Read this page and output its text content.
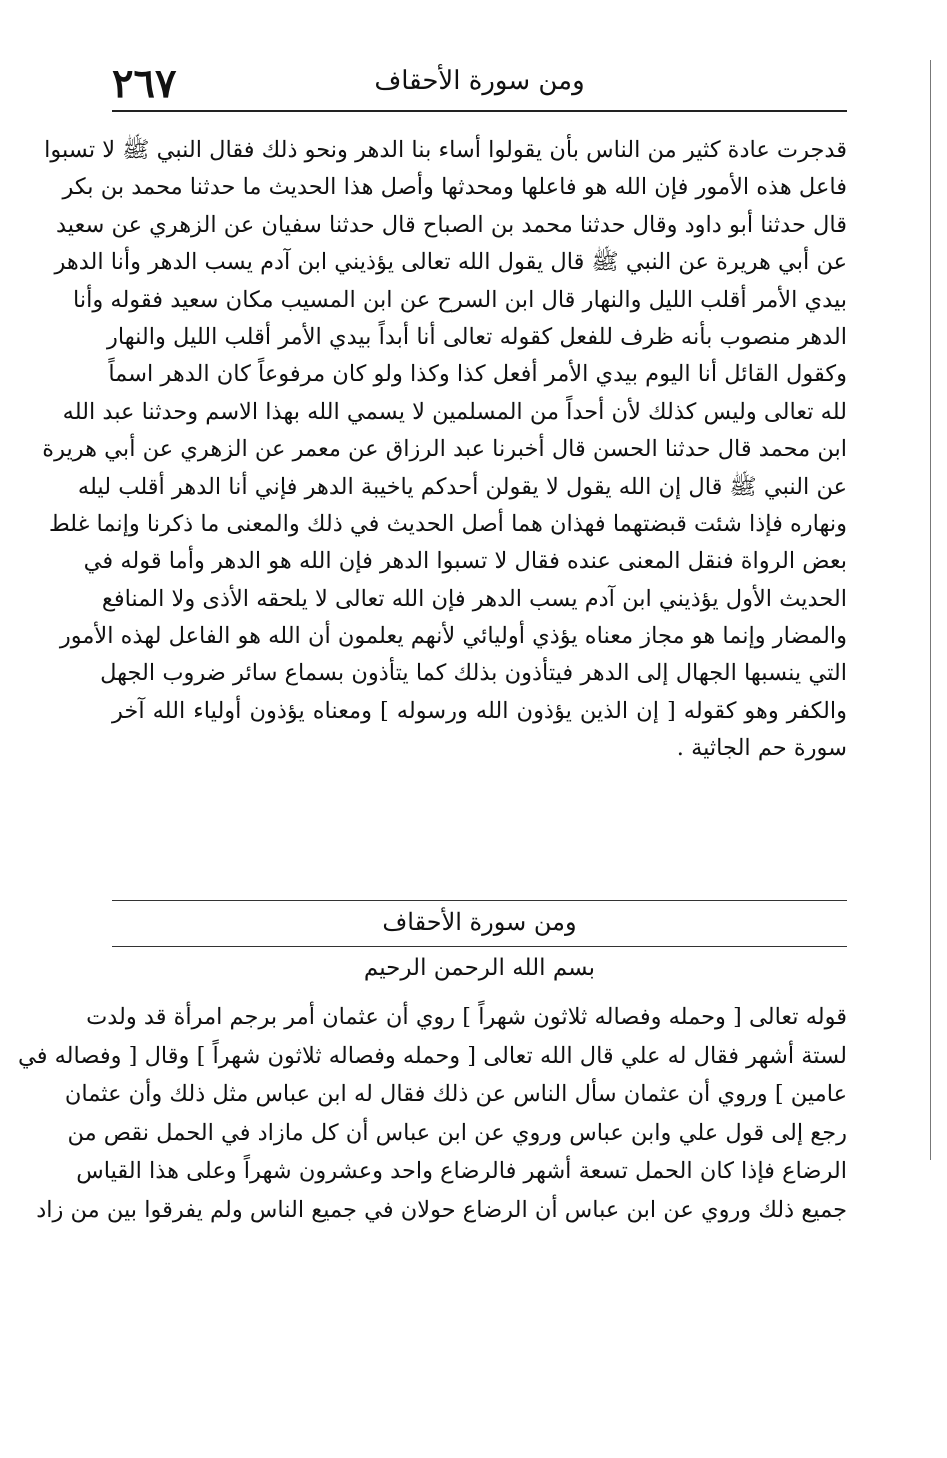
٢٦٧	ومن سورة الأحقاف
قدجرت عادة كثير من الناس بأن يقولوا أساء بنا الدهر ونحو ذلك فقال النبي ﷺ لا تسبوا
فاعل هذه الأمور فإن الله هو فاعلها ومحدثها وأصل هذا الحديث ما حدثنا محمد بن بكر
قال حدثنا أبو داود وقال حدثنا محمد بن الصباح قال حدثنا سفيان عن الزهري عن سعيد
عن أبي هريرة عن النبي ﷺ قال يقول الله تعالى يؤذيني ابن آدم يسب الدهر وأنا الدهر
بيدي الأمر أقلب الليل والنهار قال ابن السرح عن ابن المسيب مكان سعيد فقوله وأنا
الدهر منصوب بأنه ظرف للفعل كقوله تعالى أنا أبداً بيدي الأمر أقلب الليل والنهار
وكقول القائل أنا اليوم بيدي الأمر أفعل كذا وكذا ولو كان مرفوعاً كان الدهر اسماً
لله تعالى وليس كذلك لأن أحداً من المسلمين لا يسمي الله بهذا الاسم وحدثنا عبد الله
ابن محمد قال حدثنا الحسن قال أخبرنا عبد الرزاق عن معمر عن الزهري عن أبي هريرة
عن النبي ﷺ قال إن الله يقول لا يقولن أحدكم ياخيبة الدهر فإني أنا الدهر أقلب ليله
ونهاره فإذا شئت قبضتهما فهذان هما أصل الحديث في ذلك والمعنى ما ذكرنا وإنما غلط
بعض الرواة فنقل المعنى عنده فقال لا تسبوا الدهر فإن الله هو الدهر وأما قوله في
الحديث الأول يؤذيني ابن آدم يسب الدهر فإن الله تعالى لا يلحقه الأذى ولا المنافع
والمضار وإنما هو مجاز معناه يؤذي أوليائي لأنهم يعلمون أن الله هو الفاعل لهذه الأمور
التي ينسبها الجهال إلى الدهر فيتأذون بذلك كما يتأذون بسماع سائر ضروب الجهل
والكفر وهو كقوله [ إن الذين يؤذون الله ورسوله ] ومعناه يؤذون أولياء الله آخر
سورة حم الجاثية .
ومن سورة الأحقاف
بسم الله الرحمن الرحيم
قوله تعالى [ وحمله وفصاله ثلاثون شهراً ] روي أن عثمان أمر برجم امرأة قد ولدت
لستة أشهر فقال له علي قال الله تعالى [ وحمله وفصاله ثلاثون شهراً ] وقال [ وفصاله في
عامين ] وروي أن عثمان سأل الناس عن ذلك فقال له ابن عباس مثل ذلك وأن عثمان
رجع إلى قول علي وابن عباس وروي عن ابن عباس أن كل مازاد في الحمل نقص من
الرضاع فإذا كان الحمل تسعة أشهر فالرضاع واحد وعشرون شهراً وعلى هذا القياس
جميع ذلك وروي عن ابن عباس أن الرضاع حولان في جميع الناس ولم يفرقوا بين من زاد
